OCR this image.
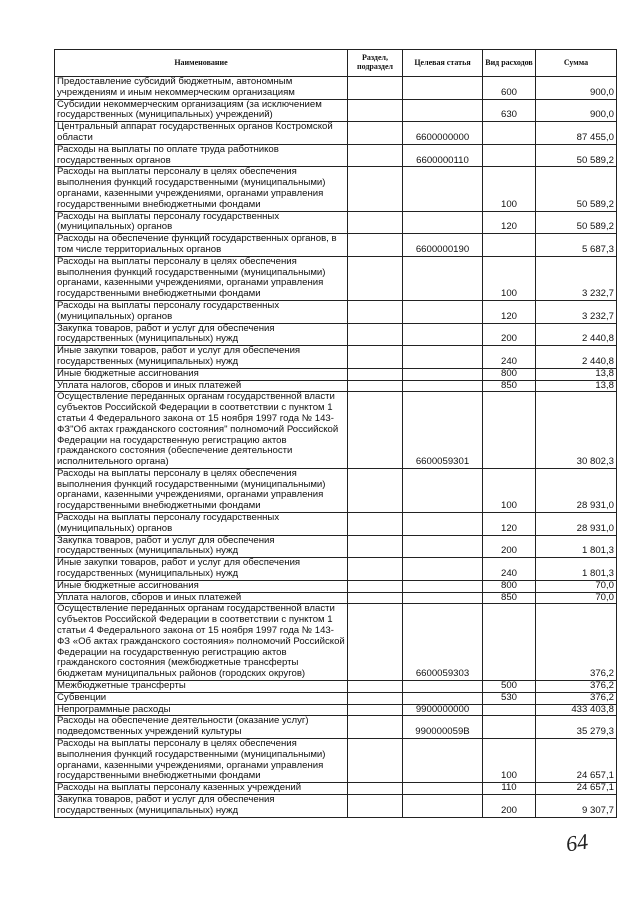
Наименование	Раздел, подраздел	Целевая статья	Вид расходов	Сумма
Предоставление субсидий бюджетным, автономным учреждениям и иным некоммерческим организациям			600	900,0
Субсидии некоммерческим организациям (за исключением государственных (муниципальных) учреждений)			630	900,0
Центральный аппарат государственных органов Костромской области		6600000000		87 455,0
Расходы на выплаты по оплате труда работников государственных органов		6600000110		50 589,2
Расходы на выплаты персоналу в целях обеспечения выполнения функций государственными (муниципальными) органами, казенными учреждениями, органами управления государственными внебюджетными фондами			100	50 589,2
Расходы на выплаты персоналу государственных (муниципальных) органов			120	50 589,2
Расходы на обеспечение функций государственных органов, в том числе территориальных органов		6600000190		5 687,3
Расходы на выплаты персоналу в целях обеспечения выполнения функций государственными (муниципальными) органами, казенными учреждениями, органами управления государственными внебюджетными фондами			100	3 232,7
Расходы на выплаты персоналу государственных (муниципальных) органов			120	3 232,7
Закупка товаров, работ и услуг для обеспечения государственных (муниципальных) нужд			200	2 440,8
Иные закупки товаров, работ и услуг для обеспечения государственных (муниципальных) нужд			240	2 440,8
Иные бюджетные ассигнования			800	13,8
Уплата налогов, сборов и иных платежей			850	13,8
Осуществление переданных органам государственной власти субъектов Российской Федерации в соответствии с пунктом 1 статьи 4 Федерального закона от 15 ноября 1997 года № 143-ФЗ"Об актах гражданского состояния" полномочий Российской Федерации на государственную регистрацию актов гражданского состояния (обеспечение деятельности исполнительного органа)		6600059301		30 802,3
Расходы на выплаты персоналу в целях обеспечения выполнения функций государственными (муниципальными) органами, казенными учреждениями, органами управления государственными внебюджетными фондами			100	28 931,0
Расходы на выплаты персоналу государственных (муниципальных) органов			120	28 931,0
Закупка товаров, работ и услуг для обеспечения государственных (муниципальных) нужд			200	1 801,3
Иные закупки товаров, работ и услуг для обеспечения государственных (муниципальных) нужд			240	1 801,3
Иные бюджетные ассигнования			800	70,0
Уплата налогов, сборов и иных платежей			850	70,0
Осуществление переданных органам государственной власти субъектов Российской Федерации в соответствии с пунктом 1 статьи 4 Федерального закона от 15 ноября 1997 года № 143-ФЗ «Об актах гражданского состояния» полномочий Российской Федерации на государственную регистрацию актов гражданского состояния (межбюджетные трансферты бюджетам муниципальных районов (городских округов)		6600059303		376,2
Межбюджетные трансферты			500	376,2
Субвенции			530	376,2
Непрограммные расходы		9900000000		433 403,8
Расходы на обеспечение деятельности (оказание услуг) подведомственных учреждений культуры		990000059В		35 279,3
Расходы на выплаты персоналу в целях обеспечения выполнения функций государственными (муниципальными) органами, казенными учреждениями, органами управления государственными внебюджетными фондами			100	24 657,1
Расходы на выплаты персоналу казенных учреждений			110	24 657,1
Закупка товаров, работ и услуг для обеспечения государственных (муниципальных) нужд			200	9 307,7
64
